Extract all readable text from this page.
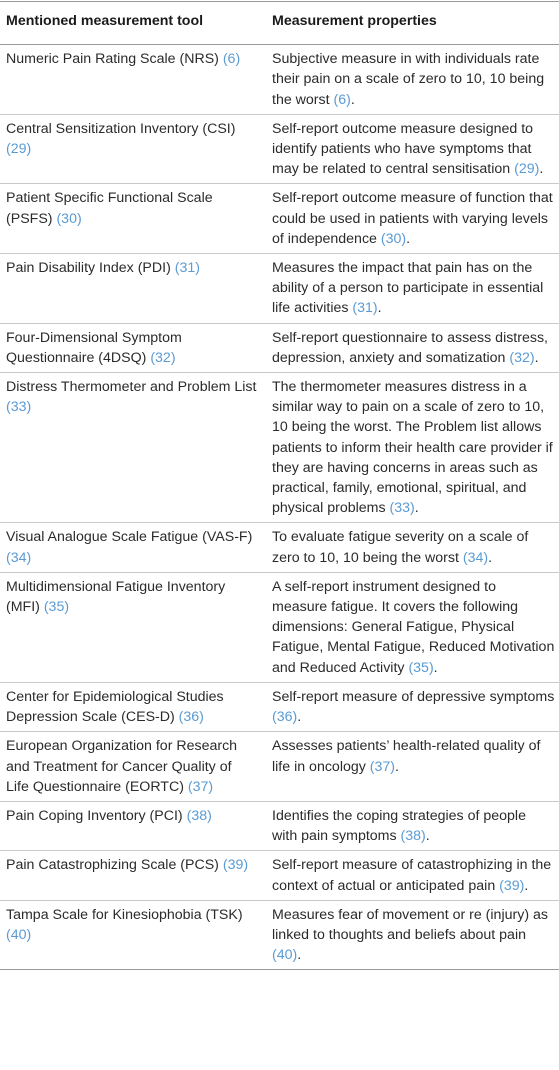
Mentioned measurement tool	Measurement properties
Numeric Pain Rating Scale (NRS) (6)	Subjective measure in with individuals rate their pain on a scale of zero to 10, 10 being the worst (6).
Central Sensitization Inventory (CSI) (29)	Self-report outcome measure designed to identify patients who have symptoms that may be related to central sensitisation (29).
Patient Specific Functional Scale (PSFS) (30)	Self-report outcome measure of function that could be used in patients with varying levels of independence (30).
Pain Disability Index (PDI) (31)	Measures the impact that pain has on the ability of a person to participate in essential life activities (31).
Four-Dimensional Symptom Questionnaire (4DSQ) (32)	Self-report questionnaire to assess distress, depression, anxiety and somatization (32).
Distress Thermometer and Problem List (33)	The thermometer measures distress in a similar way to pain on a scale of zero to 10, 10 being the worst. The Problem list allows patients to inform their health care provider if they are having concerns in areas such as practical, family, emotional, spiritual, and physical problems (33).
Visual Analogue Scale Fatigue (VAS-F) (34)	To evaluate fatigue severity on a scale of zero to 10, 10 being the worst (34).
Multidimensional Fatigue Inventory (MFI) (35)	A self-report instrument designed to measure fatigue. It covers the following dimensions: General Fatigue, Physical Fatigue, Mental Fatigue, Reduced Motivation and Reduced Activity (35).
Center for Epidemiological Studies Depression Scale (CES-D) (36)	Self-report measure of depressive symptoms (36).
European Organization for Research and Treatment for Cancer Quality of Life Questionnaire (EORTC) (37)	Assesses patients’ health-related quality of life in oncology (37).
Pain Coping Inventory (PCI) (38)	Identifies the coping strategies of people with pain symptoms (38).
Pain Catastrophizing Scale (PCS) (39)	Self-report measure of catastrophizing in the context of actual or anticipated pain (39).
Tampa Scale for Kinesiophobia (TSK) (40)	Measures fear of movement or re (injury) as linked to thoughts and beliefs about pain (40).
